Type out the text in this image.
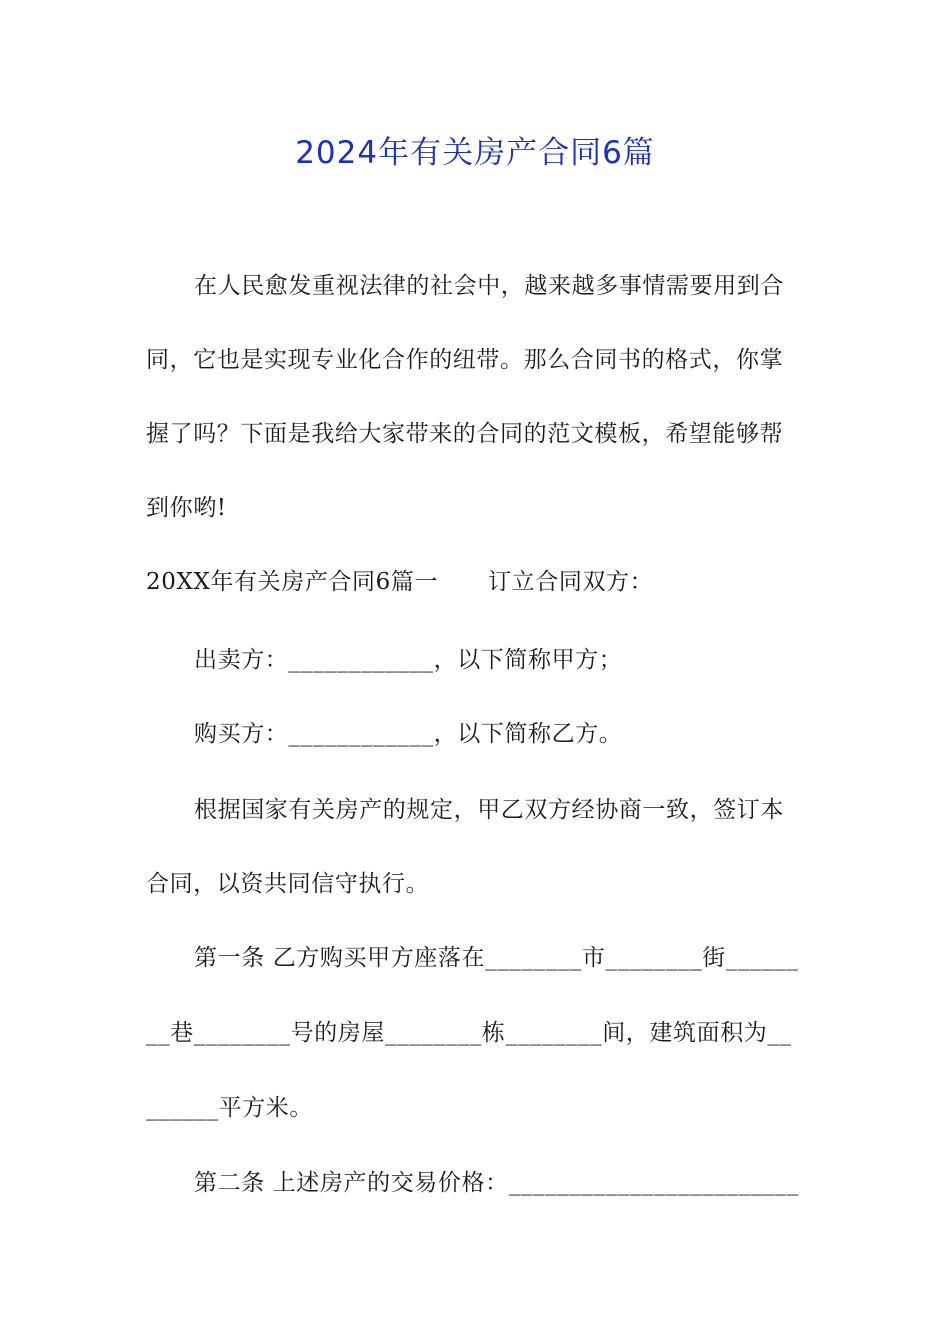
2024年有关房产合同6篇
在人民愈发重视法律的社会中，越来越多事情需要用到合
同，它也是实现专业化合作的纽带。那么合同书的格式，你掌
握了吗？下面是我给大家带来的合同的范文模板，希望能够帮
到你哟!
20XX年有关房产合同6篇一 订立合同双方：
出卖方：____________，以下简称甲方；
购买方：____________，以下简称乙方。
根据国家有关房产的规定，甲乙双方经协商一致，签订本
合同，以资共同信守执行。
第一条 乙方购买甲方座落在________市________街______
__巷________号的房屋________栋________间，建筑面积为__
______平方米。
第二条 上述房产的交易价格：________________________
